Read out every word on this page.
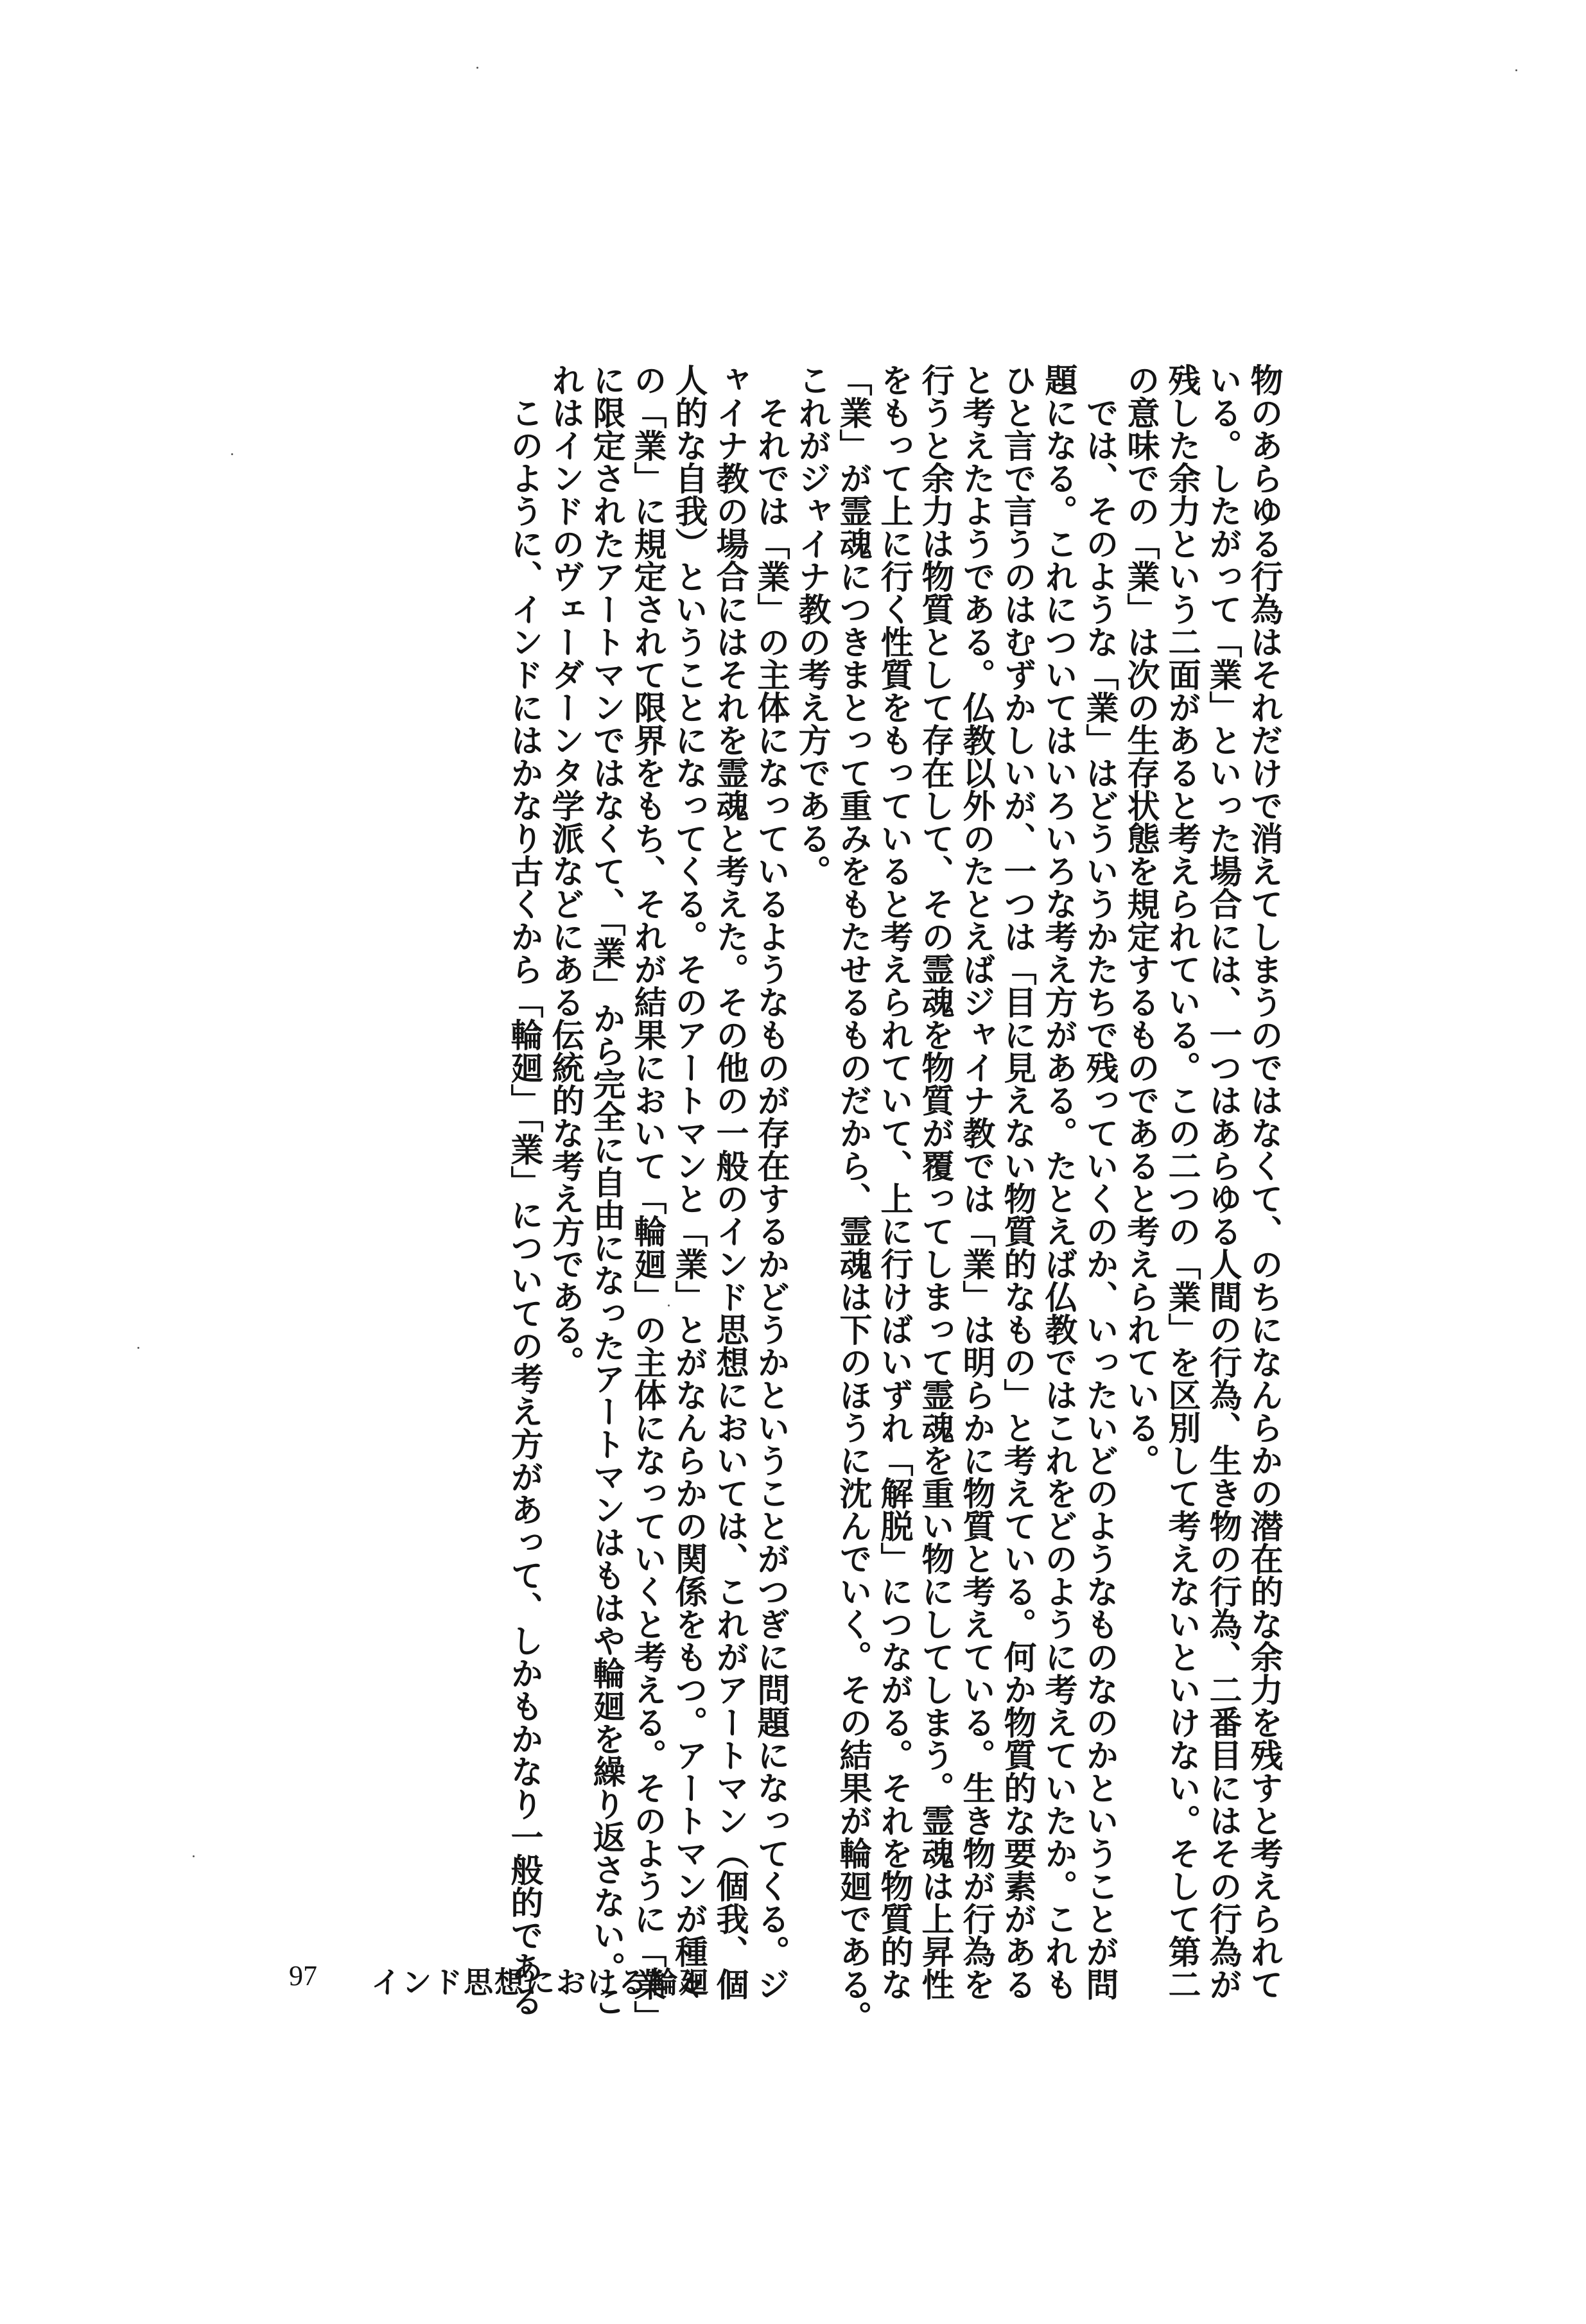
物のあらゆる行為はそれだけで消えてしまうのではなくて、のちになんらかの潜在的な余力を残すと考えられて
いる。したがって「業」といった場合には、一つはあらゆる人間の行為、生き物の行為、二番目にはその行為が
残した余力という二面があると考えられている。この二つの「業」を区別して考えないといけない。そして第二
の意味での「業」は次の生存状態を規定するものであると考えられている。
　では、そのような「業」はどういうかたちで残っていくのか、いったいどのようなものなのかということが問
題になる。これについてはいろいろな考え方がある。たとえば仏教ではこれをどのように考えていたか。これも
ひと言で言うのはむずかしいが、一つは「目に見えない物質的なもの」と考えている。何か物質的な要素がある
と考えたようである。仏教以外のたとえばジャイナ教では「業」は明らかに物質と考えている。生き物が行為を
行うと余力は物質として存在して、その霊魂を物質が覆ってしまって霊魂を重い物にしてしまう。霊魂は上昇性
をもって上に行く性質をもっていると考えられていて、上に行けばいずれ「解脱」につながる。それを物質的な
「業」が霊魂につきまとって重みをもたせるものだから、霊魂は下のほうに沈んでいく。その結果が輪廻である。
これがジャイナ教の考え方である。
　それでは「業」の主体になっているようなものが存在するかどうかということがつぎに問題になってくる。ジ
ャイナ教の場合にはそれを霊魂と考えた。その他の一般のインド思想においては、これがアートマン（個我、個
人的な自我）ということになってくる。そのアートマンと「業」とがなんらかの関係をもつ。アートマンが種々
の「業」に規定されて限界をもち、それが結果において「輪廻」の主体になっていくと考える。そのように「業」
に限定されたアートマンではなくて、「業」から完全に自由になったアートマンはもはや輪廻を繰り返さない。こ
れはインドのヴェーダーンタ学派などにある伝統的な考え方である。
　このように、インドにはかなり古くから「輪廻」「業」についての考え方があって、しかもかなり一般的である
97 インド思想における輪廻
